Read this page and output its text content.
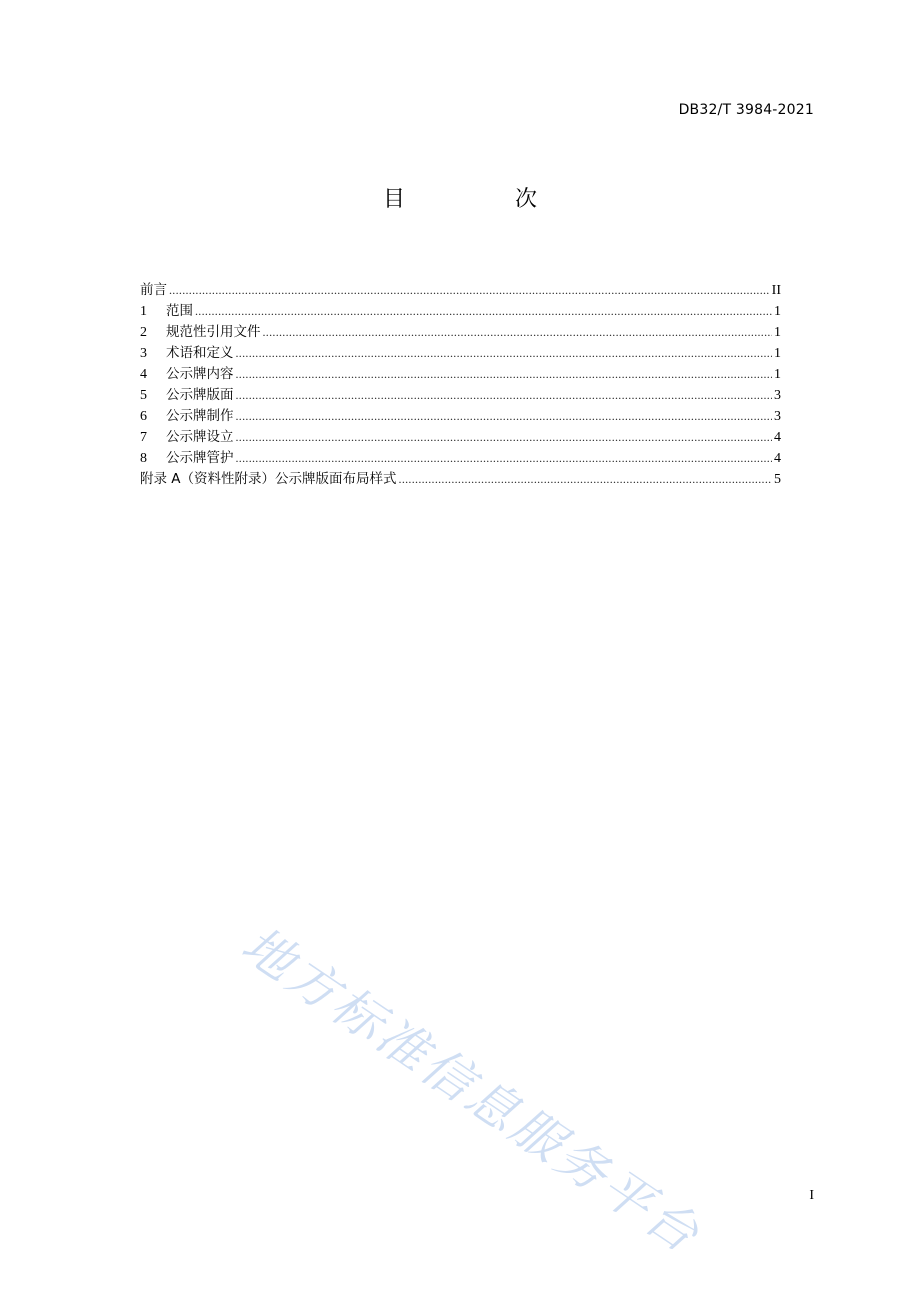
DB32/T 3984-2021
目　次
前言 .....	II
1	范围 .....	1
2	规范性引用文件 .....	1
3	术语和定义 .....	1
4	公示牌内容 .....	1
5	公示牌版面 .....	3
6	公示牌制作 .....	3
7	公示牌设立 .....	4
8	公示牌管护 .....	4
附录 A（资料性附录）公示牌版面布局样式 .....	5
地方标准信息服务平台	I
